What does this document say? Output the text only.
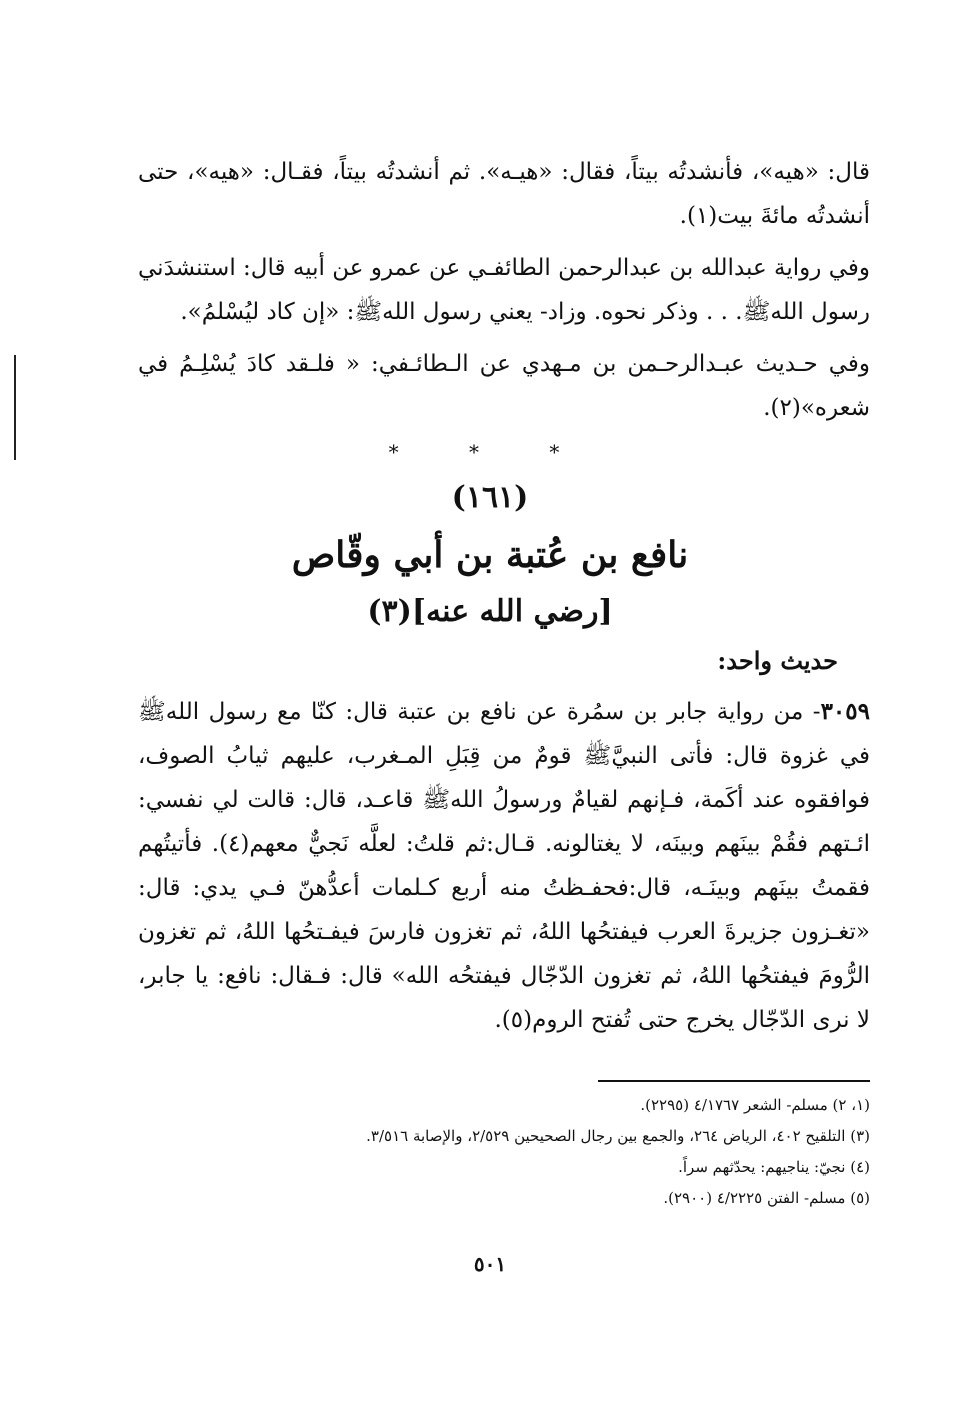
قال: «هيه»، فأنشدتُه بيتاً، فقال: «هيـه». ثم أنشدتُه بيتاً، فقـال: «هيه»، حتى أنشدتُه مائةَ بيت(١).

وفي رواية عبدالله بن عبدالرحمن الطائفـي عن عمرو عن أبيه قال: استنشدَني رسول اللهﷺ. . . وذكر نحوه. وزاد- يعني رسول اللهﷺ: «إن كاد ليُسْلمُ».

وفي حـديث عبـدالرحـمن بن مـهدي عن الـطائـفي: « فلـقد كادَ يُسْلِـمُ في شعره»(٢).

* * *
(١٦١)
نافع بن عُتبة بن أبي وقّاص
[رضي الله عنه](٣)
حديث واحد:

٣٠٥٩- من رواية جابر بن سمُرة عن نافع بن عتبة قال: كنّا مع رسول اللهﷺ في غزوة قال: فأتى النبيَّﷺ قومٌ من قِبَلِ المـغرب، عليهم ثيابُ الصوف، فوافقوه عند أكَمة، فـإنهم لقيامٌ ورسولُ اللهﷺ قاعـد، قال: قالت لي نفسي: ائـتهم فقُمْ بينَهم وبينَه، لا يغتالونه. قـال:ثم قلتُ: لعلَّه نَجيٌّ معهم(٤). فأتيتُهم فقمتُ بينَهم وبينَـه، قال:فحفـظتُ منه أربع كـلمات أعدُّهنّ فـي يدي: قال: «تغـزون جزيرةَ العرب فيفتحُها اللهُ، ثم تغزون فارسَ فيفـتحُها اللهُ، ثم تغزون الرُّومَ فيفتحُها اللهُ، ثم تغزون الدّجّال فيفتحُه الله» قال: فـقال: نافع: يا جابر، لا نرى الدّجّال يخرج حتى تُفتح الروم(٥).

(١، ٢) مسلم- الشعر ٤/١٧٦٧ (٢٢٩٥).

(٣) التلقيح ٤٠٢، الرياض ٢٦٤، والجمع بين رجال الصحيحين ٢/٥٢٩، والإصابة ٣/٥١٦.

(٤) نجيّ: يناجيهم: يحدّثهم سراً.

(٥) مسلم- الفتن ٤/٢٢٢٥ (٢٩٠٠).

٥٠١
